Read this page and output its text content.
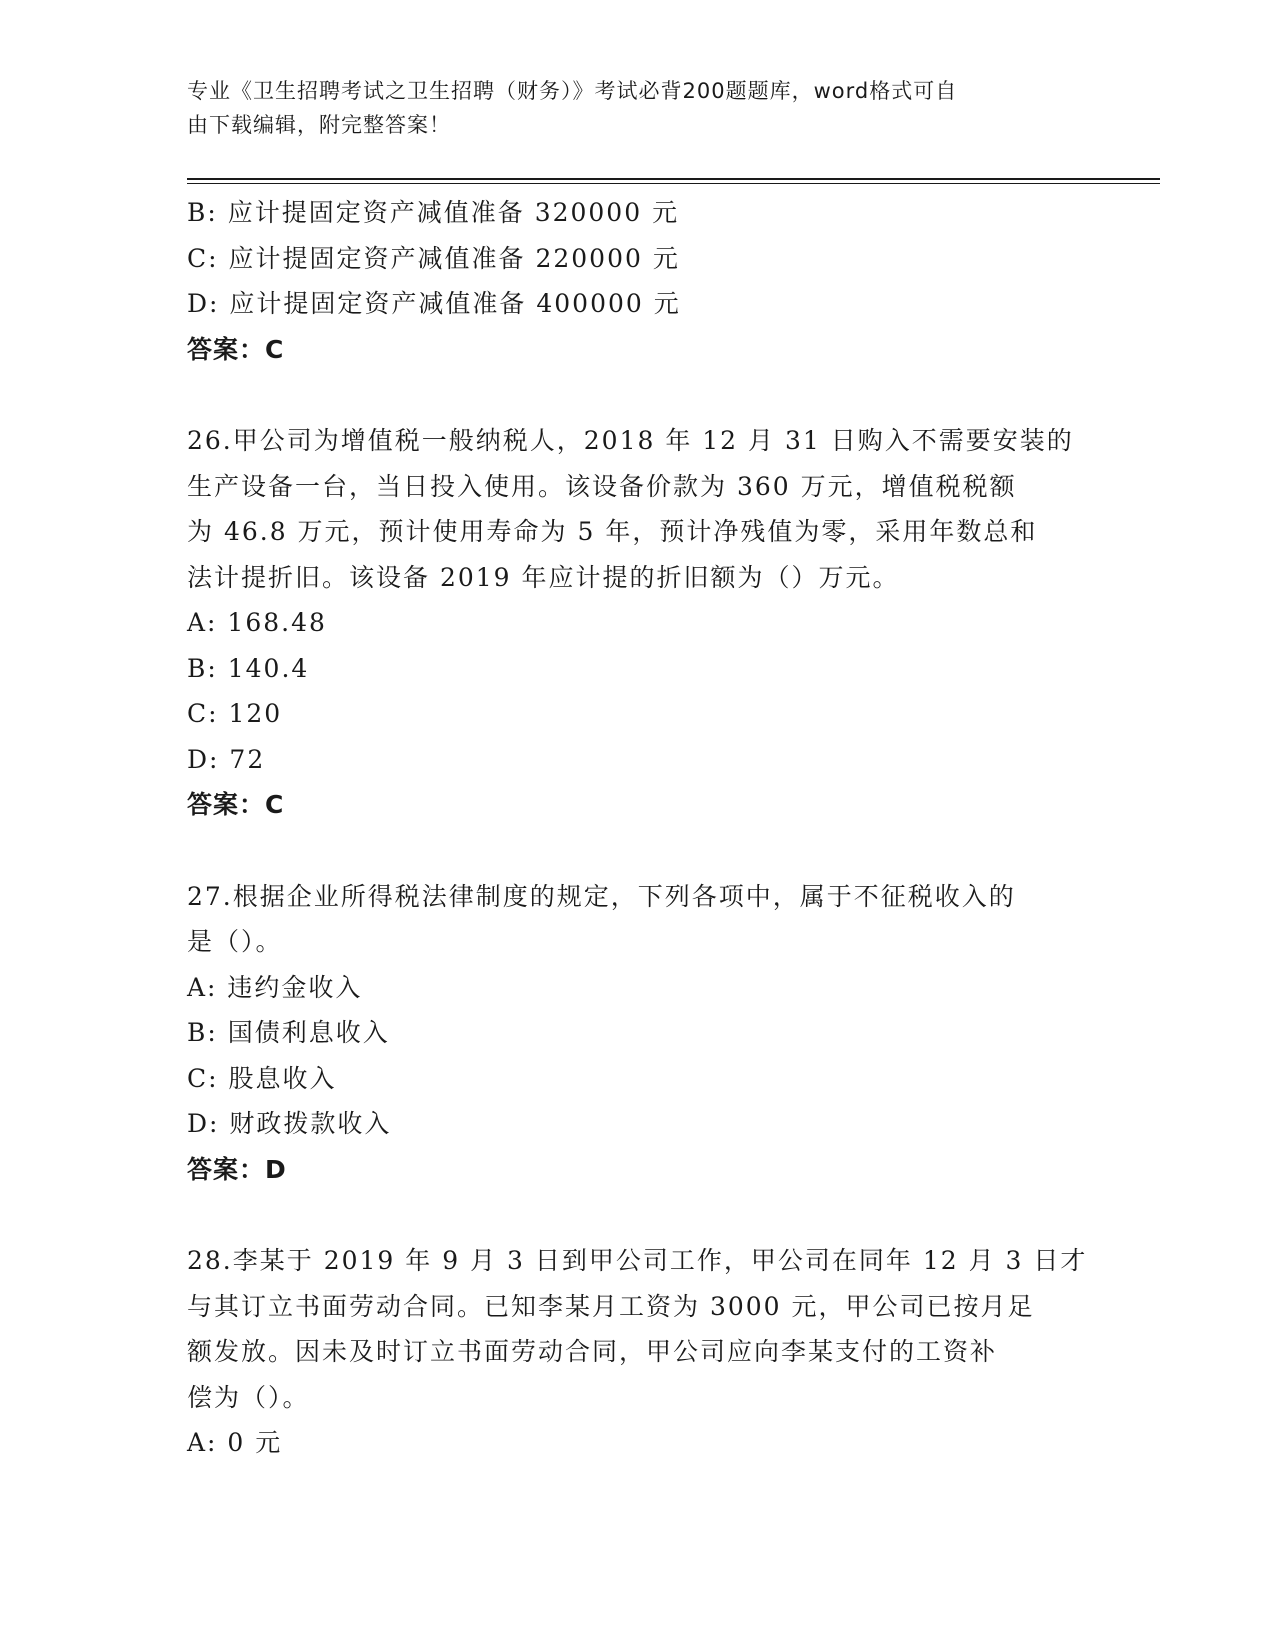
专业《卫生招聘考试之卫生招聘（财务）》考试必背200题题库，word格式可自
由下载编辑，附完整答案！
B: 应计提固定资产减值准备 320000 元
C: 应计提固定资产减值准备 220000 元
D: 应计提固定资产减值准备 400000 元
答案：C
26.甲公司为增值税一般纳税人，2018 年 12 月 31 日购入不需要安装的
生产设备一台，当日投入使用。该设备价款为 360 万元，增值税税额
为 46.8 万元，预计使用寿命为 5 年，预计净残值为零，采用年数总和
法计提折旧。该设备 2019 年应计提的折旧额为（）万元。
A: 168.48
B: 140.4
C: 120
D: 72
答案：C
27.根据企业所得税法律制度的规定，下列各项中，属于不征税收入的
是（）。
A: 违约金收入
B: 国债利息收入
C: 股息收入
D: 财政拨款收入
答案：D
28.李某于 2019 年 9 月 3 日到甲公司工作，甲公司在同年 12 月 3 日才
与其订立书面劳动合同。已知李某月工资为 3000 元，甲公司已按月足
额发放。因未及时订立书面劳动合同，甲公司应向李某支付的工资补
偿为（）。
A: 0 元
